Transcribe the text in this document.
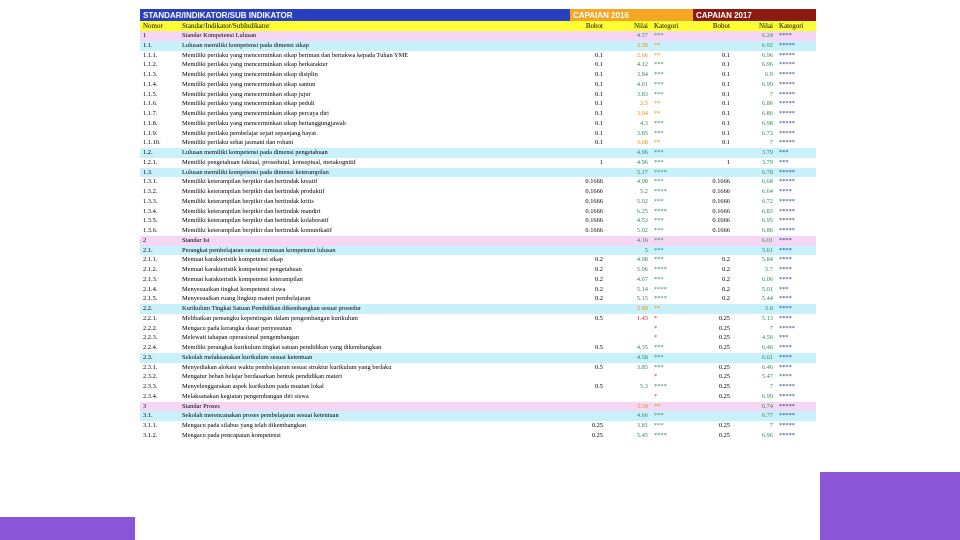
STANDAR/INDIKATOR/SUB INDIKATOR	CAPAIAN 2016	CAPAIAN 2017
Nomor	Standar/Indikator/SubIndikator	Bobot	Nilai Kategori	Bobot	Nilai Kategori
1	Standar Kompetensi Lulusan	4.57 ***	6.24 ****
1.1.	Lulusan memiliki kompetensi pada dimensi sikap	3.58 **	6.92 *****
1.1.1.	Memiliki perilaku yang mencerminkan sikap beriman dan bertakwa kepada Tuhan YME	0.1	2.66 **	0.1	6.96 *****
1.1.2.	Memiliki perilaku yang mencerminkan sikap berkarakter	0.1	4.12 ***	0.1	6.96 *****
1.1.3.	Memiliki perilaku yang mencerminkan sikap disiplin	0.1	3.84 ***	0.1	6.9 *****
1.1.4.	Memiliki perilaku yang mencerminkan sikap santun	0.1	4.01 ***	0.1	6.99 *****
1.1.5.	Memiliki perilaku yang mencerminkan sikap jujur	0.1	3.83 ***	0.1	7 *****
1.1.6.	Memiliki perilaku yang mencerminkan sikap peduli	0.1	2.5 **	0.1	6.86 *****
1.1.7.	Memiliki perilaku yang mencerminkan sikap percaya diri	0.1	3.04 **	0.1	6.86 *****
1.1.8.	Memiliki perilaku yang mencerminkan sikap bertanggungjawab	0.1	4.3 ***	0.1	6.98 *****
1.1.9.	Memiliki perilaku pembelajar sejati sepanjang hayat	0.1	3.85 ***	0.1	6.73 *****
1.1.10.	Memiliki perilaku sehat jasmani dan rohani	0.1	3.68 **	0.1	7 *****
1.2.	Lulusan memiliki kompetensi pada dimensi pengetahuan	4.96 ***	3.79 ***
1.2.1.	Memiliki pengetahuan faktual, prosedural, konseptual, metakognitif	1	4.96 ***	1	3.79 ***
1.3.	Lulusan memiliki kompetensi pada dimensi keterampilan	5.17 ****	6.78 *****
1.3.1.	Memiliki keterampilan berpikir dan bertindak kreatif	0.1666	4.98 ***	0.1666	6.68 *****
1.3.2.	Memiliki keterampilan berpikir dan bertindak produktif	0.1666	5.2 ****	0.1666	6.64 ****
1.3.3.	Memiliki keterampilan berpikir dan bertindak kritis	0.1666	5.02 ***	0.1666	6.72 *****
1.3.4.	Memiliki keterampilan berpikir dan bertindak mandiri	0.1666	6.25 ****	0.1666	6.83 *****
1.3.5.	Memiliki keterampilan berpikir dan bertindak kolaboratif	0.1666	4.53 ***	0.1666	6.95 *****
1.3.6.	Memiliki keterampilan berpikir dan bertindak komunikatif	0.1666	5.02 ***	0.1666	6.86 *****
2	Standar Isi	4.16 ***	6.01 ****
2.1.	Perangkat pembelajaran sesuai rumusan kompetensi lulusan	5 ***	5.61 ****
2.1.1.	Memuat karakteristik kompetensi sikap	0.2	4.98 ***	0.2	5.84 ****
2.1.2.	Memuat karakteristik kompetensi pengetahuan	0.2	5.06 ****	0.2	5.7 ****
2.1.3.	Memuat karakteristik kompetensi keterampilan	0.2	4.67 ***	0.2	6.06 ****
2.1.4.	Menyesuaikan tingkat kompetensi siswa	0.2	5.14 ****	0.2	5.01 ***
2.1.5.	Menyesuaikan ruang lingkup materi pembelajaran	0.2	5.15 ****	0.2	5.44 ****
2.2.	Kurikulum Tingkat Satuan Pendidikan dikembangkan sesuai prosedur	2.89 **	5.8 ****
2.2.1.	Melibatkan pemangku kepentingan dalam pengembangan kurikulum	0.5	1.43 *	0.25	5.13 ****
2.2.2.	Mengacu pada kerangka dasar penyusunan	*	0.25	7 *****
2.2.3.	Melewati tahapan operasional pengembangan	*	0.25	4.56 ***
2.2.4.	Memiliki perangkat kurikulum tingkat satuan pendidikan yang dikembangkan	0.5	4.35 ***	0.25	6.46 ****
2.3.	Sekolah melaksanakan kurikulum sesuai ketentuan	4.58 ***	6.61 ****
2.3.1.	Menyediakan alokasi waktu pembelajaran sesuai struktur kurikulum yang berlaku	0.5	3.85 ***	0.25	6.46 ****
2.3.2.	Mengatur beban belajar berdasarkan bentuk pendidikan materi	*	0.25	5.47 ****
2.3.3.	Menyelenggarakan aspek kurikulum pada muatan lokal	0.5	5.3 ****	0.25	7 *****
2.3.4.	Melaksanakan kegiatan pengembangan diri siswa	*	0.25	6.99 *****
3	Standar Proses	3.39 **	6.74 *****
3.1.	Sekolah merencanakan proses pembelajaran sesuai ketentuan	4.66 ***	6.77 *****
3.1.1.	Mengacu pada silabus yang telah dikembangkan	0.25	3.81 ***	0.25	7 *****
3.1.2.	Mengacu pada pencapaian kompetensi	0.25	5.45 ****	0.25	6.96 *****
